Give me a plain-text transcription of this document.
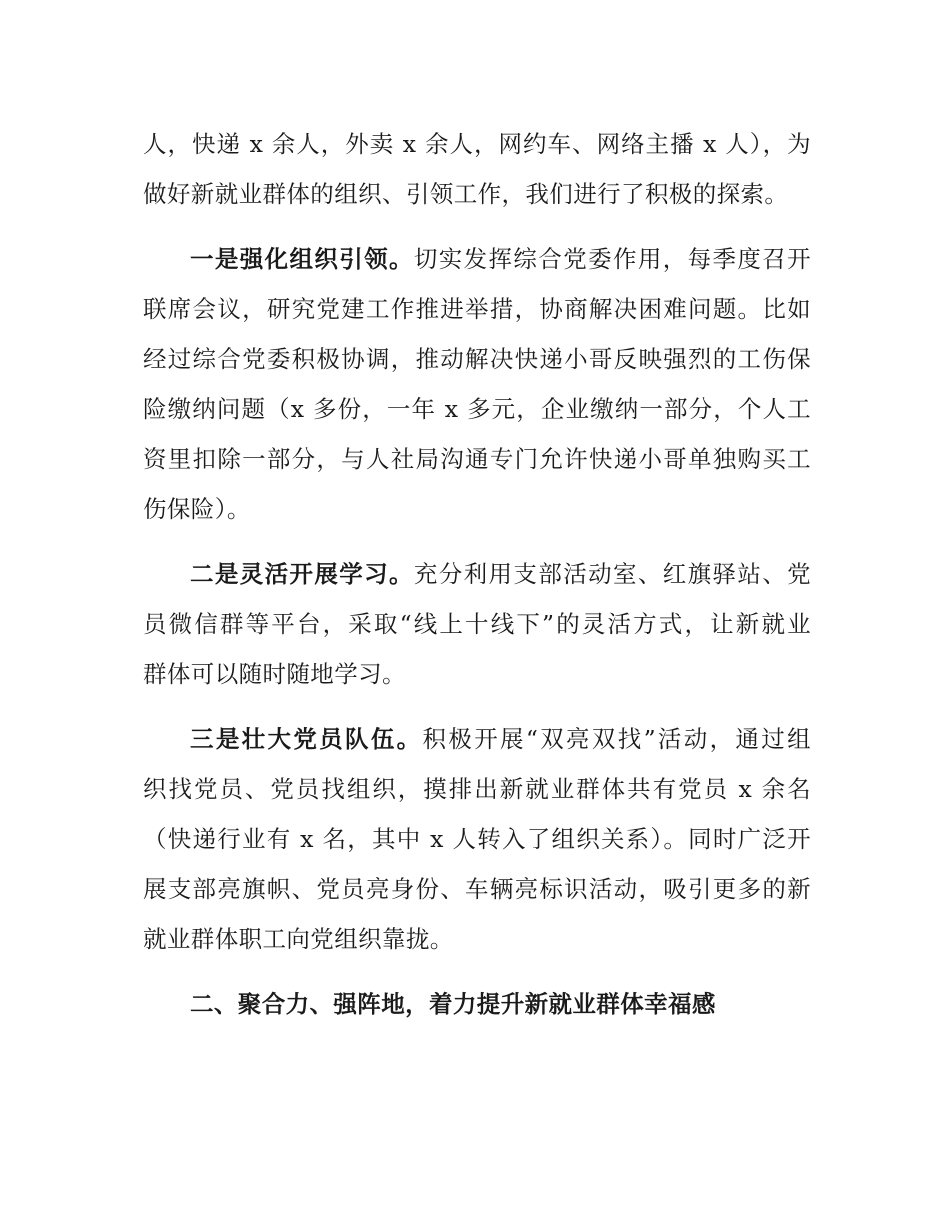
人，快递 x 余人，外卖 x 余人，网约车、网络主播 x 人），为
做好新就业群体的组织、引领工作，我们进行了积极的探索。
一是强化组织引领。切实发挥综合党委作用，每季度召开
联席会议，研究党建工作推进举措，协商解决困难问题。比如
经过综合党委积极协调，推动解决快递小哥反映强烈的工伤保
险缴纳问题（x 多份，一年 x 多元，企业缴纳一部分，个人工
资里扣除一部分，与人社局沟通专门允许快递小哥单独购买工
伤保险）。
二是灵活开展学习。充分利用支部活动室、红旗驿站、党
员微信群等平台，采取“线上十线下”的灵活方式，让新就业
群体可以随时随地学习。
三是壮大党员队伍。积极开展“双亮双找”活动，通过组
织找党员、党员找组织，摸排出新就业群体共有党员 x 余名
（快递行业有 x 名，其中 x 人转入了组织关系）。同时广泛开
展支部亮旗帜、党员亮身份、车辆亮标识活动，吸引更多的新
就业群体职工向党组织靠拢。
二、聚合力、强阵地，着力提升新就业群体幸福感
